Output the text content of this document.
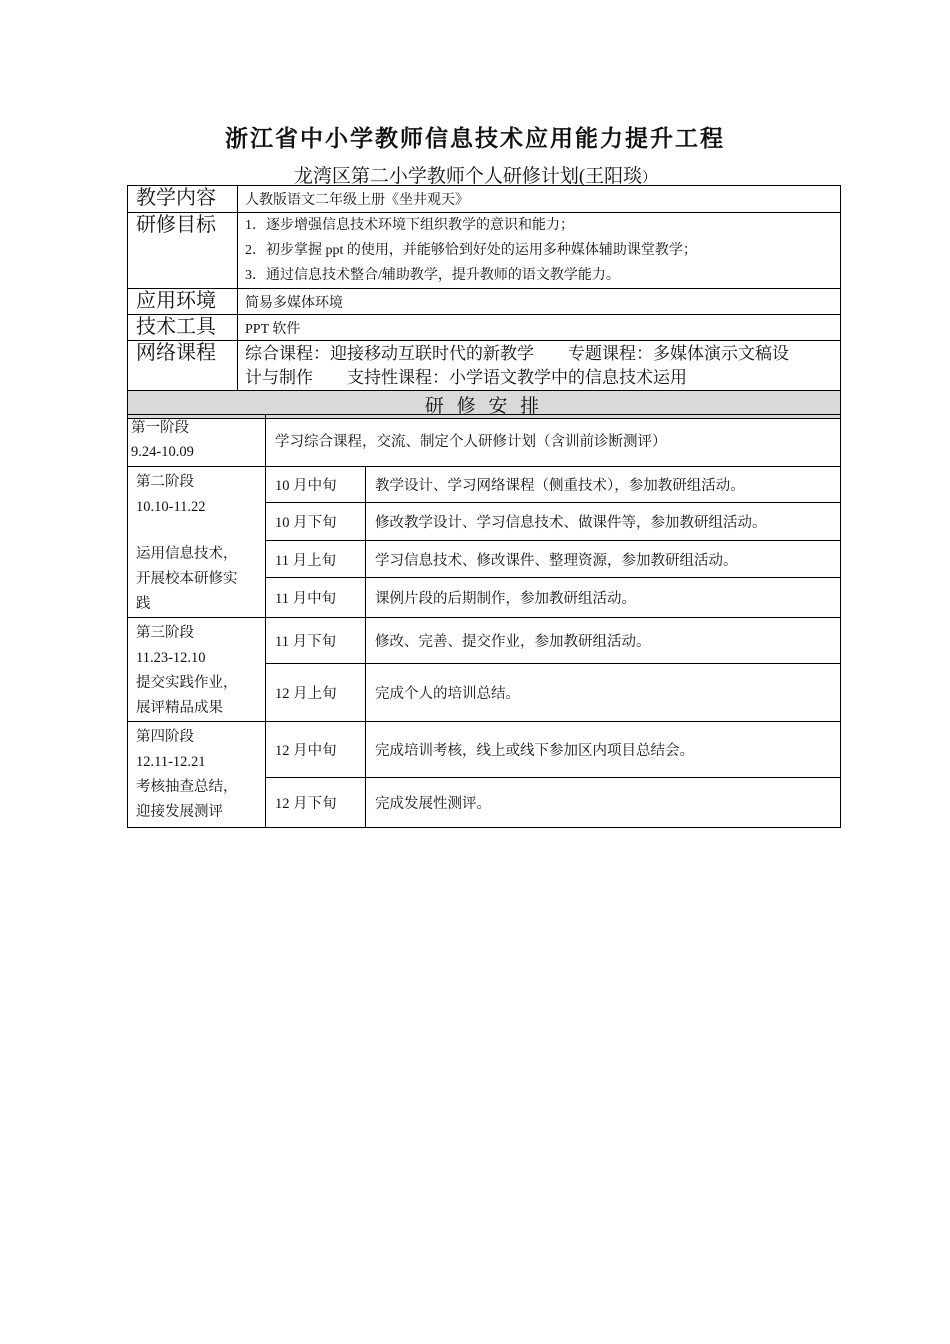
浙江省中小学教师信息技术应用能力提升工程
龙湾区第二小学教师个人研修计划(王阳琰）
教学内容	人教版语文二年级上册《坐井观天》
研修目标	1．逐步增强信息技术环境下组织教学的意识和能力；
2．初步掌握 ppt 的使用，并能够恰到好处的运用多种媒体辅助课堂教学；
3．通过信息技术整合/辅助教学，提升教师的语文教学能力。

应用环境	简易多媒体环境
技术工具	PPT 软件
网络课程	综合课程：迎接移动互联时代的新教学　　专题课程：多媒体演示文稿设
计与制作　　支持性课程：小学语文教学中的信息技术运用

研 修 安 排	
第一阶段
9.24-10.09	学习综合课程，交流、制定个人研修计划（含训前诊断测评）	

第二阶段
10.10-11.22
运用信息技术，
开展校本研修实
践	10 月中旬	教学设计、学习网络课程（侧重技术），参加教研组活动。
	10 月下旬	修改教学设计、学习信息技术、做课件等，参加教研组活动。
	11 月上旬	学习信息技术、修改课件、整理资源，参加教研组活动。
	11 月中旬	课例片段的后期制作，参加教研组活动。

第三阶段
11.23-12.10
提交实践作业，
展评精品成果	11 月下旬	修改、完善、提交作业，参加教研组活动。
	12 月上旬	完成个人的培训总结。

第四阶段
12.11-12.21
考核抽查总结，
迎接发展测评	12 月中旬	完成培训考核，线上或线下参加区内项目总结会。
	12 月下旬	完成发展性测评。
